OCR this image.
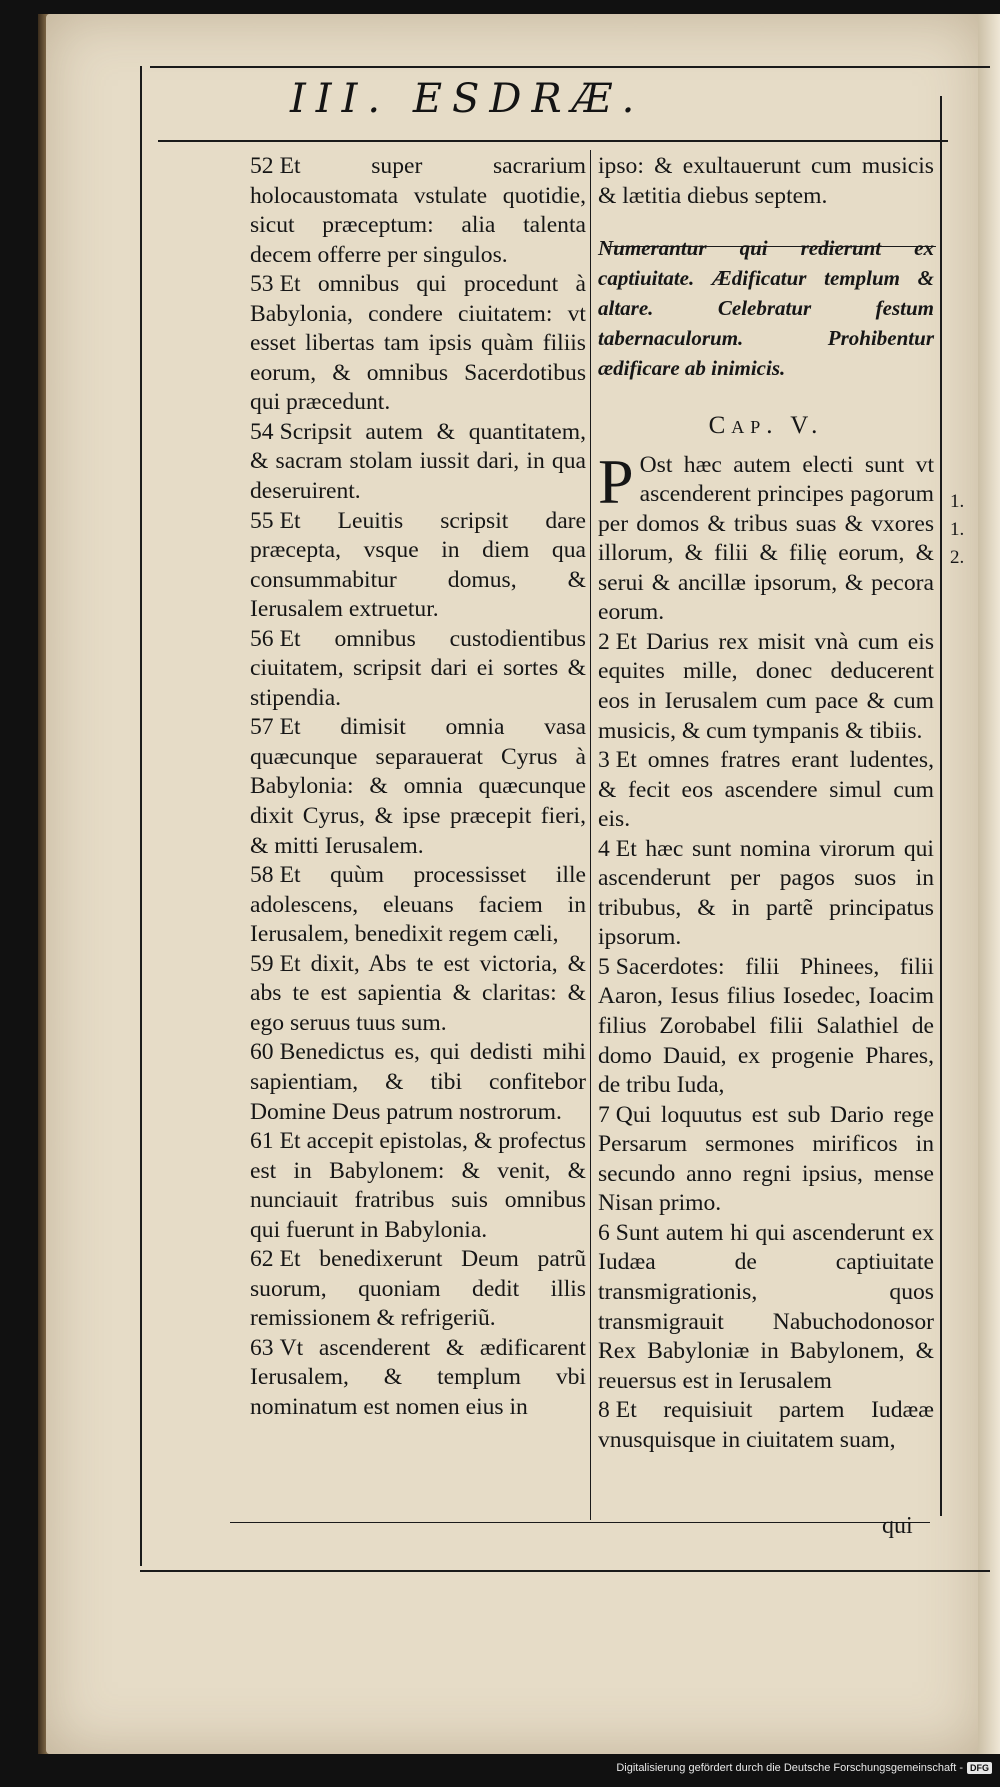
III. ESDRÆ.

52 Et super sacrarium holocaustomata vstulate quotidie, sicut præceptum: alia talenta decem offerre per singulos.

53 Et omnibus qui procedunt à Babylonia, condere ciuitatem: vt esset libertas tam ipsis quàm filiis eorum, & omnibus Sacerdotibus qui præcedunt.

54 Scripsit autem & quantitatem, & sacram stolam iussit dari, in qua deseruirent.

55 Et Leuitis scripsit dare præcepta, vsque in diem qua consummabitur domus, & Ierusalem extruetur.

56 Et omnibus custodientibus ciuitatem, scripsit dari ei sortes & stipendia.

57 Et dimisit omnia vasa quæcunque separauerat Cyrus à Babylonia: & omnia quæcunque dixit Cyrus, & ipse præcepit fieri, & mitti Ierusalem.

58 Et quùm processisset ille adolescens, eleuans faciem in Ierusalem, benedixit regem cæli,

59 Et dixit, Abs te est victoria, & abs te est sapientia & claritas: & ego seruus tuus sum.

60 Benedictus es, qui dedisti mihi sapientiam, & tibi confitebor Domine Deus patrum nostrorum.

61 Et accepit epistolas, & profectus est in Babylonem: & venit, & nunciauit fratribus suis omnibus qui fuerunt in Babylonia.

62 Et benedixerunt Deum patrũ suorum, quoniam dedit illis remissionem & refrigeriũ.

63 Vt ascenderent & ædificarent Ierusalem, & templum vbi nominatum est nomen eius in

ipso: & exultauerunt cum musicis & lætitia diebus septem.

Numerantur qui redierunt ex captiuitate. Ædificatur templum & altare. Celebratur festum tabernaculorum. Prohibentur ædificare ab inimicis.

Cap. V.

P Ost hæc autem electi sunt vt ascenderent principes pagorum per domos & tribus suas & vxores illorum, & filii & filię eorum, & serui & ancillæ ipsorum, & pecora eorum.

2 Et Darius rex misit vnà cum eis equites mille, donec deducerent eos in Ierusalem cum pace & cum musicis, & cum tympanis & tibiis.

3 Et omnes fratres erant ludentes, & fecit eos ascendere simul cum eis.

4 Et hæc sunt nomina virorum qui ascenderunt per pagos suos in tribubus, & in partẽ principatus ipsorum.

5 Sacerdotes: filii Phinees, filii Aaron, Iesus filius Iosedec, Ioacim filius Zorobabel filii Salathiel de domo Dauid, ex progenie Phares, de tribu Iuda,

7 Qui loquutus est sub Dario rege Persarum sermones mirificos in secundo anno regni ipsius, mense Nisan primo.

6 Sunt autem hi qui ascenderunt ex Iudæa de captiuitate transmigrationis, quos transmigrauit Nabuchodonosor Rex Babyloniæ in Babylonem, & reuersus est in Ierusalem

8 Et requisiuit partem Iudææ vnusquisque in ciuitatem suam,

1.
1. 2.
qui
Digitalisierung gefördert durch die Deutsche Forschungsgemeinschaft - DFG
